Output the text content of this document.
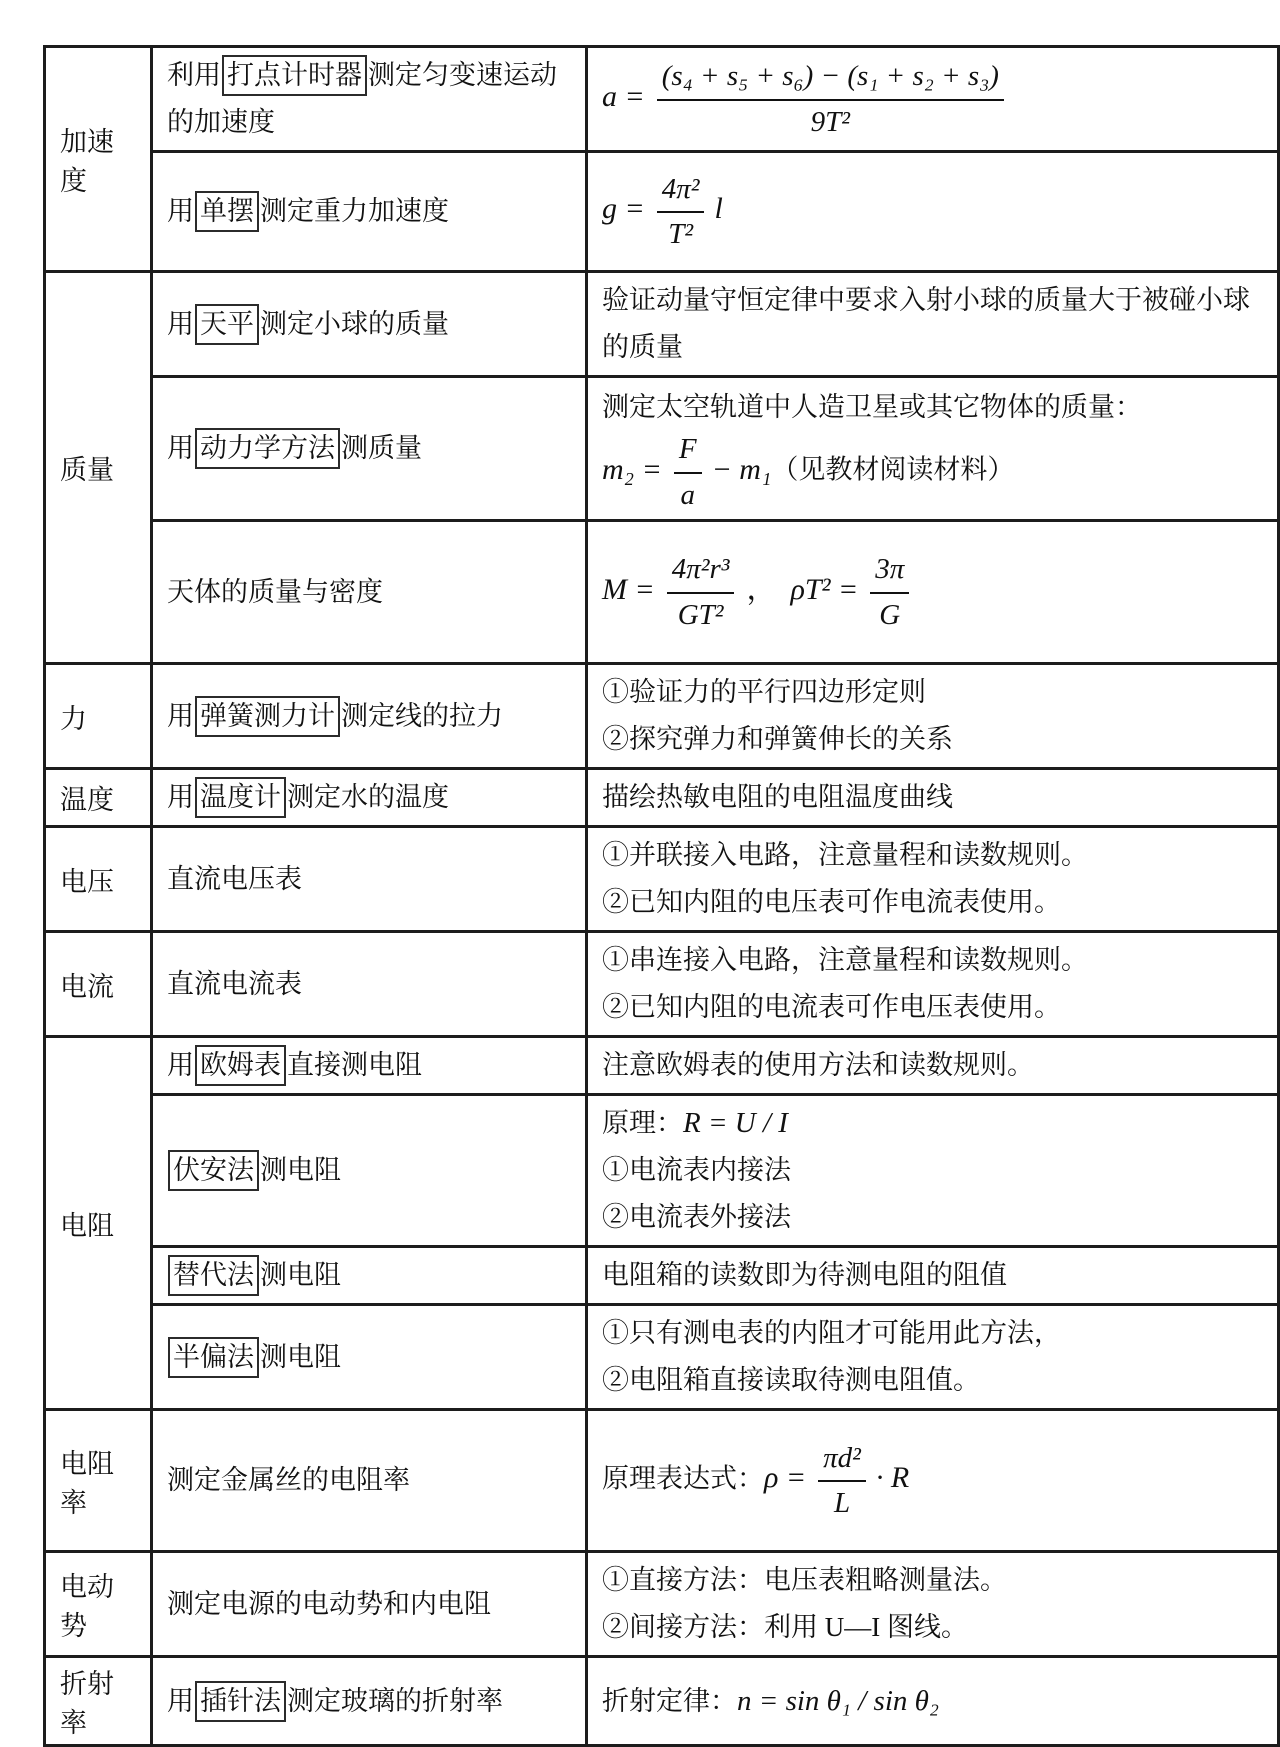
加速度	利用 打点计时器 测定匀变速运动的加速度	$a = \frac{\text{(s₄ + s₅ + s₆) − (s₁ + s₂ + s₃)}}{\text{9T²}}$

	用 单摆 测定重力加速度	$g = \frac{\text{4π²}}{\text{T²}}$ l

质量	用 天平 测定小球的质量	验证动量守恒定律中要求入射小球的质量大于被碰小球的质量

	用 动力学方法 测质量	测定太空轨道中人造卫星或其它物体的质量：
$m_2 = \frac{F}{a} - m_1$（见教材阅读材料）

天体的质量与密度	$M = \frac{\text{4π²r³}}{\text{GT²}}$ ， $\rho T^2 = \frac{3\pi}{G}$

力	用 弹簧测力计 测定线的拉力	①验证力的平行四边形定则
②探究弹力和弹簧伸长的关系

温度	用 温度计 测定水的温度	描绘热敏电阻的电阻温度曲线

电压	直流电压表	①并联接入电路，注意量程和读数规则。
②已知内阻的电压表可作电流表使用。

电流	直流电流表	①串连接入电路，注意量程和读数规则。
②已知内阻的电流表可作电压表使用。

电阻	用 欧姆表 直接测电阻	注意欧姆表的使用方法和读数规则。

	伏安法 测电阻	原理：R = U / I
①电流表内接法
②电流表外接法

	替代法 测电阻	电阻箱的读数即为待测电阻的阻值

	半偏法 测电阻	①只有测电表的内阻才可能用此方法，
②电阻箱直接读取待测电阻值。

电阻率	测定金属丝的电阻率	原理表达式：$\rho = \frac{\text{πd²}}{L} \cdot R$

电动势	测定电源的电动势和内电阻	①直接方法：电压表粗略测量法。
②间接方法：利用 U—I 图线。

折射率	用 插针法 测定玻璃的折射率	折射定律：n = sin θ₁ / sin θ₂
